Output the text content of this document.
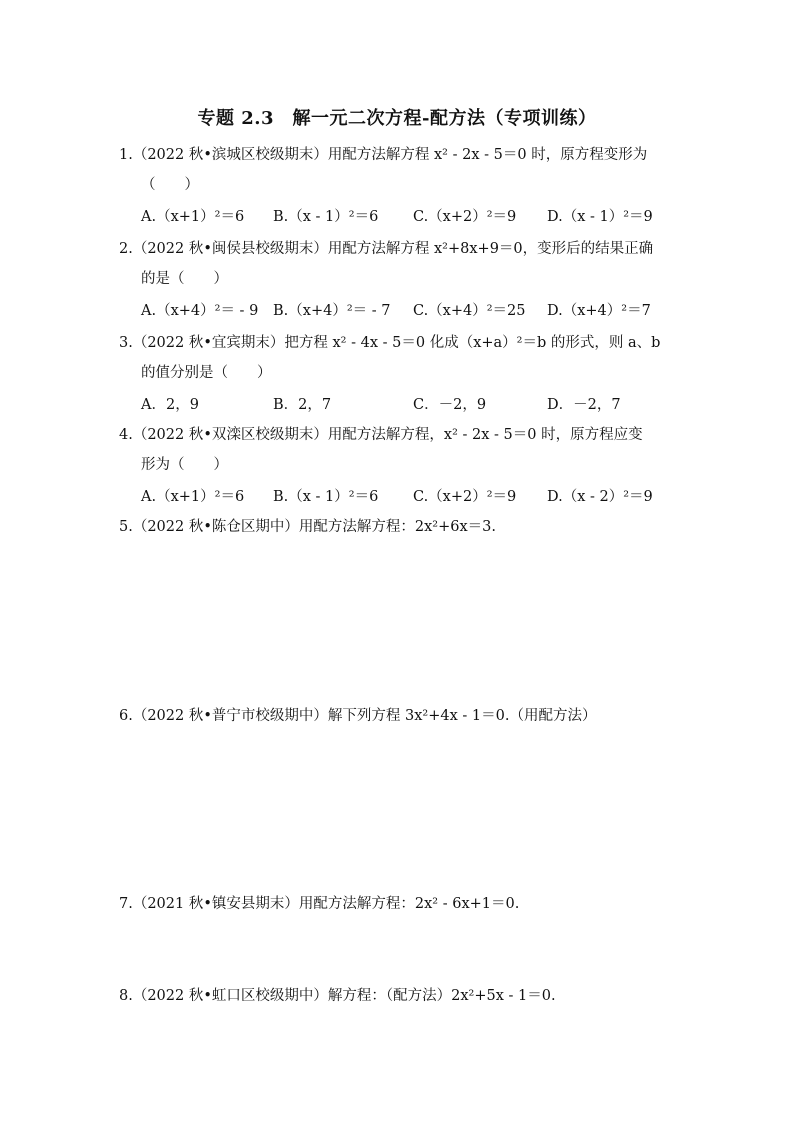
专题 2.3　解一元二次方程-配方法（专项训练）

1.（2022 秋•滨城区校级期末）用配方法解方程 x² - 2x - 5＝0 时，原方程变形为

（　　）

A.（x+1）²＝6	B.（x - 1）²＝6	C.（x+2）²＝9	D.（x - 1）²＝9

2.（2022 秋•闽侯县校级期末）用配方法解方程 x²+8x+9＝0，变形后的结果正确

的是（　　）

A.（x+4）²＝ - 9	B.（x+4）²＝ - 7	C.（x+4）²＝25	D.（x+4）²＝7

3.（2022 秋•宜宾期末）把方程 x² - 4x - 5＝0 化成（x+a）²＝b 的形式，则 a、b

的值分别是（　　）

A．2，9	B．2，7	C．－2，9	D．－2，7

4.（2022 秋•双滦区校级期末）用配方法解方程，x² - 2x - 5＝0 时，原方程应变

形为（　　）

A.（x+1）²＝6	B.（x - 1）²＝6	C.（x+2）²＝9	D.（x - 2）²＝9

5.（2022 秋•陈仓区期中）用配方法解方程：2x²+6x＝3.

6.（2022 秋•普宁市校级期中）解下列方程 3x²+4x - 1＝0.（用配方法）

7.（2021 秋•镇安县期末）用配方法解方程：2x² - 6x+1＝0.

8.（2022 秋•虹口区校级期中）解方程：（配方法）2x²+5x - 1＝0.
